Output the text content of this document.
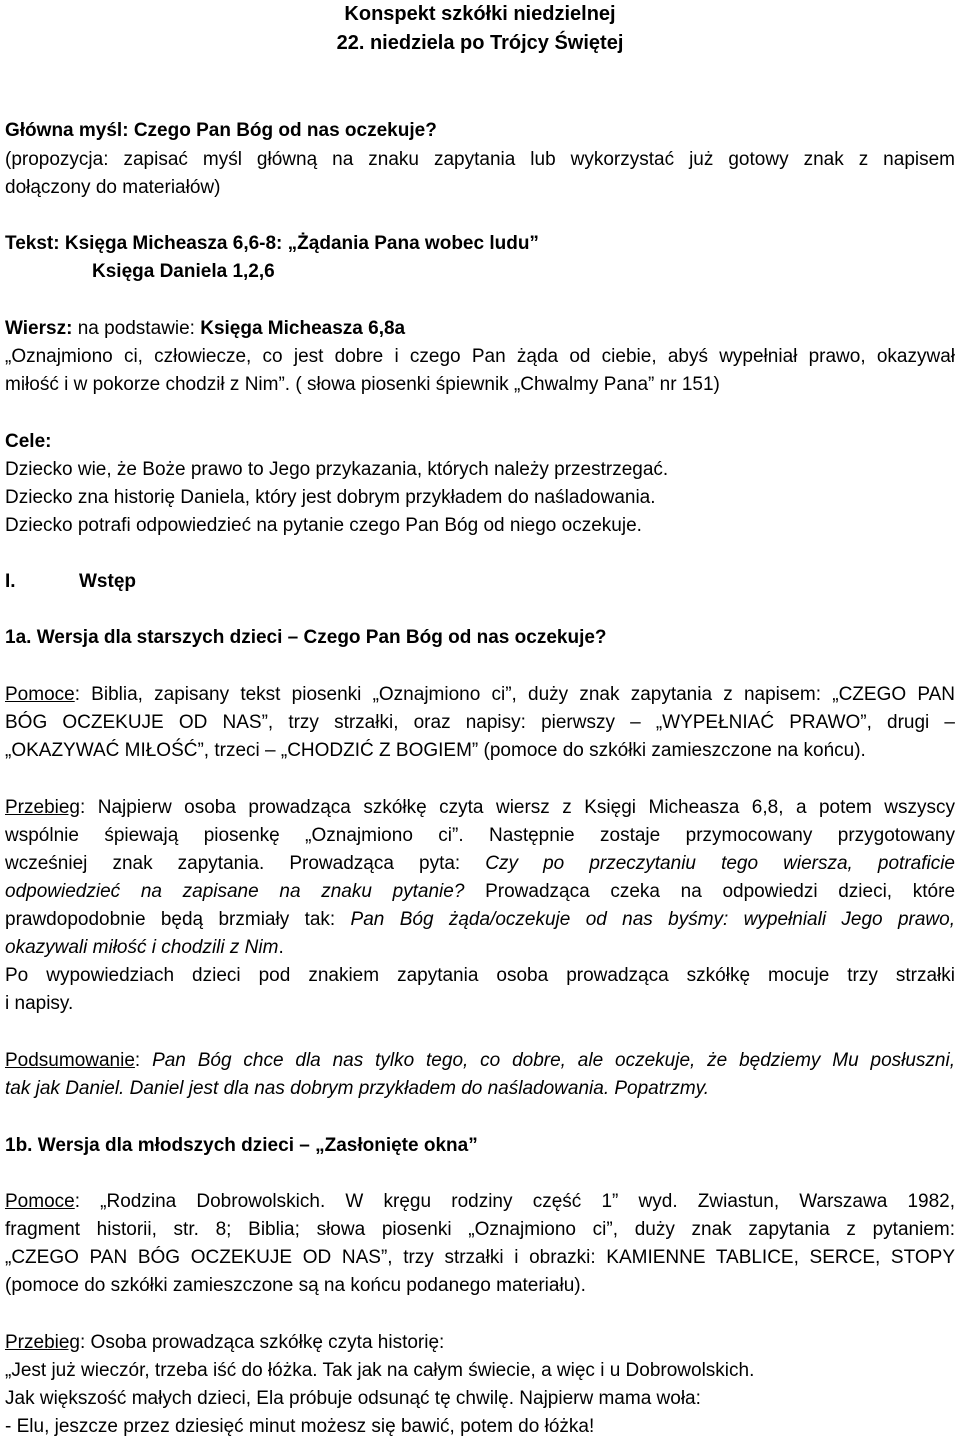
Konspekt szkółki niedzielnej
22. niedziela po Trójcy Świętej
Główna myśl: Czego Pan Bóg od nas oczekuje?
(propozycja: zapisać myśl główną na znaku zapytania lub wykorzystać już gotowy znak z napisem
dołączony do materiałów)
Tekst: Księga Micheasza 6,6-8: „Żądania Pana wobec ludu”
Księga Daniela 1,2,6
Wiersz: na podstawie: Księga Micheasza 6,8a
„Oznajmiono ci, człowiecze, co jest dobre i czego Pan żąda od ciebie, abyś wypełniał prawo, okazywał
miłość i w pokorze chodził z Nim”. ( słowa piosenki śpiewnik „Chwalmy Pana” nr 151)
Cele:
Dziecko wie, że Boże prawo to Jego przykazania, których należy przestrzegać.
Dziecko zna historię Daniela, który jest dobrym przykładem do naśladowania.
Dziecko potrafi odpowiedzieć na pytanie czego Pan Bóg od niego oczekuje.
I.	Wstęp
1a. Wersja dla starszych dzieci – Czego Pan Bóg od nas oczekuje?
Pomoce: Biblia, zapisany tekst piosenki „Oznajmiono ci”, duży znak zapytania z napisem: „CZEGO PAN
BÓG OCZEKUJE OD NAS”, trzy strzałki, oraz napisy: pierwszy – „WYPEŁNIAĆ PRAWO”, drugi –
„OKAZYWAĆ MIŁOŚĆ”, trzeci – „CHODZIĆ Z BOGIEM” (pomoce do szkółki zamieszczone na końcu).
Przebieg: Najpierw osoba prowadząca szkółkę czyta wiersz z Księgi Micheasza 6,8, a potem wszyscy
wspólnie śpiewają piosenkę „Oznajmiono ci”. Następnie zostaje przymocowany przygotowany
wcześniej znak zapytania. Prowadząca pyta: Czy po przeczytaniu tego wiersza, potraficie
odpowiedzieć na zapisane na znaku pytanie? Prowadząca czeka na odpowiedzi dzieci, które
prawdopodobnie będą brzmiały tak: Pan Bóg żąda/oczekuje od nas byśmy: wypełniali Jego prawo,
okazywali miłość i chodzili z Nim.
Po wypowiedziach dzieci pod znakiem zapytania osoba prowadząca szkółkę mocuje trzy strzałki
i napisy.
Podsumowanie: Pan Bóg chce dla nas tylko tego, co dobre, ale oczekuje, że będziemy Mu posłuszni,
tak jak Daniel. Daniel jest dla nas dobrym przykładem do naśladowania. Popatrzmy.
1b. Wersja dla młodszych dzieci – „Zasłonięte okna”
Pomoce: „Rodzina Dobrowolskich. W kręgu rodziny część 1” wyd. Zwiastun, Warszawa 1982,
fragment historii, str. 8; Biblia; słowa piosenki „Oznajmiono ci”, duży znak zapytania z pytaniem:
„CZEGO PAN BÓG OCZEKUJE OD NAS”, trzy strzałki i obrazki: KAMIENNE TABLICE, SERCE, STOPY
(pomoce do szkółki zamieszczone są na końcu podanego materiału).
Przebieg: Osoba prowadząca szkółkę czyta historię:
„Jest już wieczór, trzeba iść do łóżka. Tak jak na całym świecie, a więc i u Dobrowolskich.
Jak większość małych dzieci, Ela próbuje odsunąć tę chwilę. Najpierw mama woła:
- Elu, jeszcze przez dziesięć minut możesz się bawić, potem do łóżka!
